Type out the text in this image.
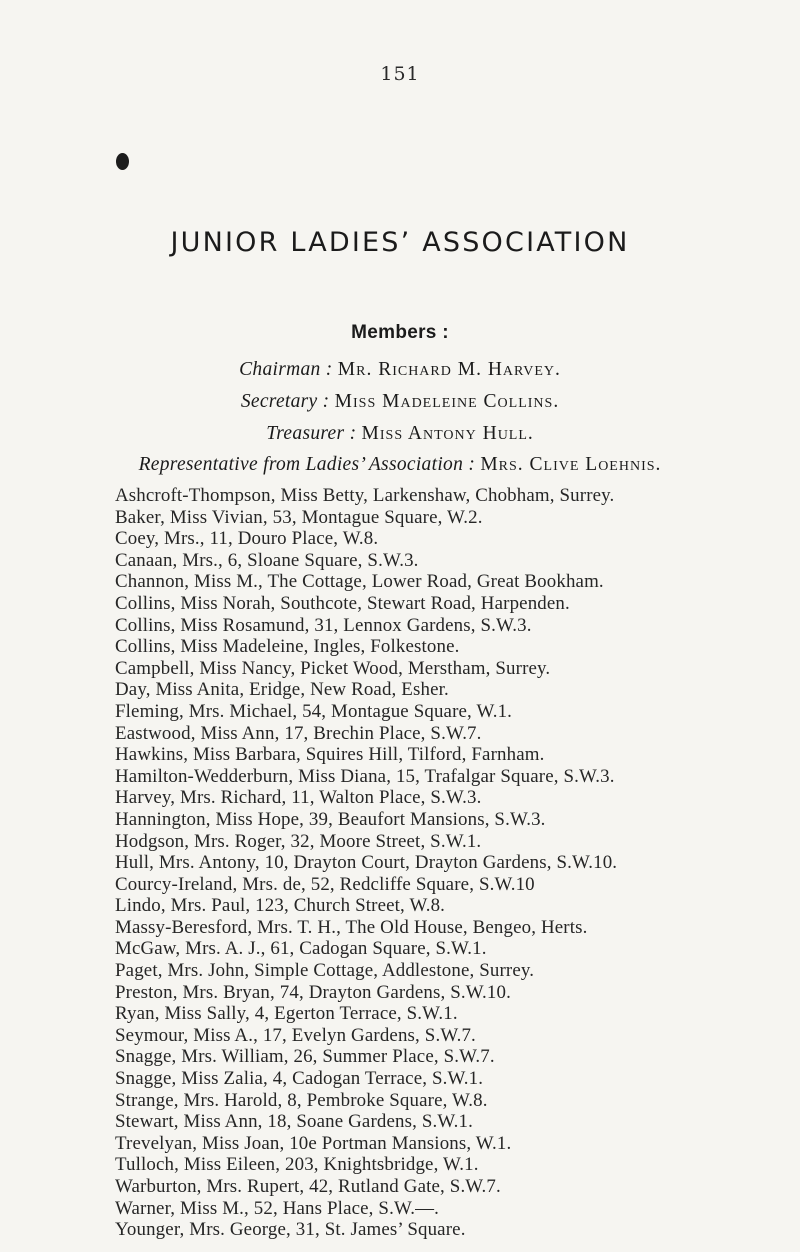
151
JUNIOR LADIES’ ASSOCIATION
Members :
Chairman : Mr. Richard M. Harvey.
Secretary : Miss Madeleine Collins.
Treasurer : Miss Antony Hull.
Representative from Ladies’ Association : Mrs. Clive Loehnis.
Ashcroft-Thompson, Miss Betty, Larkenshaw, Chobham, Surrey.
Baker, Miss Vivian, 53, Montague Square, W.2.
Coey, Mrs., 11, Douro Place, W.8.
Canaan, Mrs., 6, Sloane Square, S.W.3.
Channon, Miss M., The Cottage, Lower Road, Great Bookham.
Collins, Miss Norah, Southcote, Stewart Road, Harpenden.
Collins, Miss Rosamund, 31, Lennox Gardens, S.W.3.
Collins, Miss Madeleine, Ingles, Folkestone.
Campbell, Miss Nancy, Picket Wood, Merstham, Surrey.
Day, Miss Anita, Eridge, New Road, Esher.
Fleming, Mrs. Michael, 54, Montague Square, W.1.
Eastwood, Miss Ann, 17, Brechin Place, S.W.7.
Hawkins, Miss Barbara, Squires Hill, Tilford, Farnham.
Hamilton-Wedderburn, Miss Diana, 15, Trafalgar Square, S.W.3.
Harvey, Mrs. Richard, 11, Walton Place, S.W.3.
Hannington, Miss Hope, 39, Beaufort Mansions, S.W.3.
Hodgson, Mrs. Roger, 32, Moore Street, S.W.1.
Hull, Mrs. Antony, 10, Drayton Court, Drayton Gardens, S.W.10.
Courcy-Ireland, Mrs. de, 52, Redcliffe Square, S.W.10
Lindo, Mrs. Paul, 123, Church Street, W.8.
Massy-Beresford, Mrs. T. H., The Old House, Bengeo, Herts.
McGaw, Mrs. A. J., 61, Cadogan Square, S.W.1.
Paget, Mrs. John, Simple Cottage, Addlestone, Surrey.
Preston, Mrs. Bryan, 74, Drayton Gardens, S.W.10.
Ryan, Miss Sally, 4, Egerton Terrace, S.W.1.
Seymour, Miss A., 17, Evelyn Gardens, S.W.7.
Snagge, Mrs. William, 26, Summer Place, S.W.7.
Snagge, Miss Zalia, 4, Cadogan Terrace, S.W.1.
Strange, Mrs. Harold, 8, Pembroke Square, W.8.
Stewart, Miss Ann, 18, Soane Gardens, S.W.1.
Trevelyan, Miss Joan, 10e Portman Mansions, W.1.
Tulloch, Miss Eileen, 203, Knightsbridge, W.1.
Warburton, Mrs. Rupert, 42, Rutland Gate, S.W.7.
Warner, Miss M., 52, Hans Place, S.W.—.
Younger, Mrs. George, 31, St. James’ Square.
